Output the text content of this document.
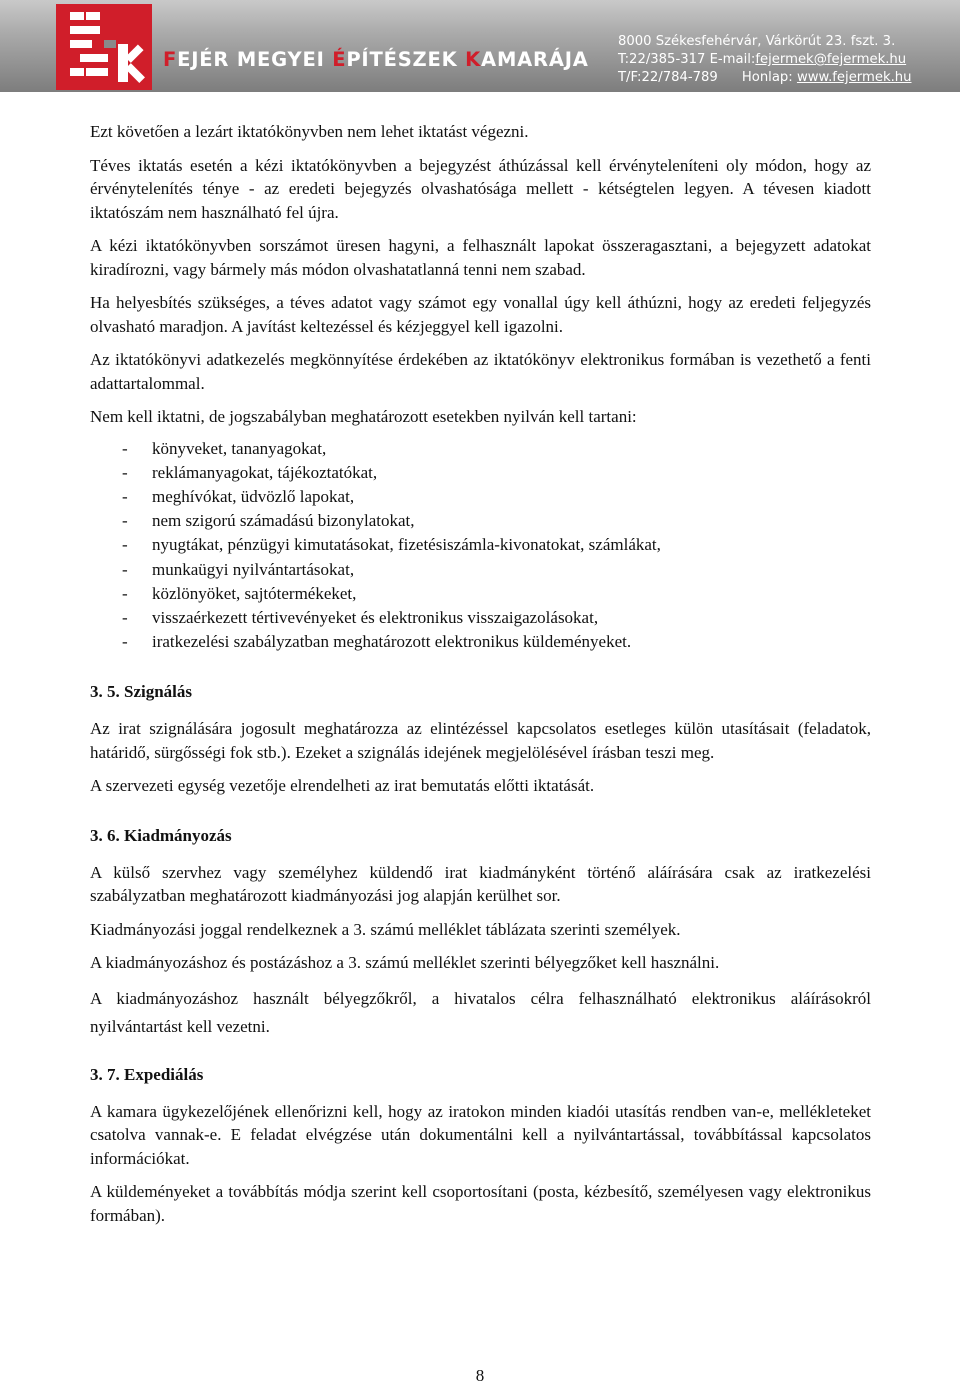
FEJÉR MEGYEI ÉPÍTÉSZEK KAMARÁJA
8000 Székesfehérvár, Várkörút 23. fszt. 3.
T:22/385-317 E-mail:fejermek@fejermek.hu
T/F:22/784-789 Honlap: www.fejermek.hu

Ezt követően a lezárt iktatókönyvben nem lehet iktatást végezni.

Téves iktatás esetén a kézi iktatókönyvben a bejegyzést áthúzással kell érvényteleníteni oly módon, hogy az érvénytelenítés ténye - az eredeti bejegyzés olvashatósága mellett - kétségtelen legyen. A tévesen kiadott iktatószám nem használható fel újra.

A kézi iktatókönyvben sorszámot üresen hagyni, a felhasznált lapokat összeragasztani, a bejegyzett adatokat kiradírozni, vagy bármely más módon olvashatatlanná tenni nem szabad.

Ha helyesbítés szükséges, a téves adatot vagy számot egy vonallal úgy kell áthúzni, hogy az eredeti feljegyzés olvasható maradjon. A javítást keltezéssel és kézjeggyel kell igazolni.

Az iktatókönyvi adatkezelés megkönnyítése érdekében az iktatókönyv elektronikus formában is vezethető a fenti adattartalommal.

Nem kell iktatni, de jogszabályban meghatározott esetekben nyilván kell tartani:

- könyveket, tananyagokat,
- reklámanyagokat, tájékoztatókat,
- meghívókat, üdvözlő lapokat,
- nem szigorú számadású bizonylatokat,
- nyugtákat, pénzügyi kimutatásokat, fizetésiszámla-kivonatokat, számlákat,
- munkaügyi nyilvántartásokat,
- közlönyöket, sajtótermékeket,
- visszaérkezett tértivevényeket és elektronikus visszaigazolásokat,
- iratkezelési szabályzatban meghatározott elektronikus küldeményeket.
3. 5. Szignálás

Az irat szignálására jogosult meghatározza az elintézéssel kapcsolatos esetleges külön utasításait (feladatok, határidő, sürgősségi fok stb.). Ezeket a szignálás idejének megjelölésével írásban teszi meg.

A szervezeti egység vezetője elrendelheti az irat bemutatás előtti iktatását.

3. 6. Kiadmányozás

A külső szervhez vagy személyhez küldendő irat kiadmányként történő aláírására csak az iratkezelési szabályzatban meghatározott kiadmányozási jog alapján kerülhet sor.

Kiadmányozási joggal rendelkeznek a 3. számú melléklet táblázata szerinti személyek.

A kiadmányozáshoz és postázáshoz a 3. számú melléklet szerinti bélyegzőket kell használni.

A kiadmányozáshoz használt bélyegzőkről, a hivatalos célra felhasználható elektronikus aláírásokról nyilvántartást kell vezetni.

3. 7. Expediálás

A kamara ügykezelőjének ellenőrizni kell, hogy az iratokon minden kiadói utasítás rendben van-e, mellékleteket csatolva vannak-e. E feladat elvégzése után dokumentálni kell a nyilvántartással, továbbítással kapcsolatos információkat.

A küldeményeket a továbbítás módja szerint kell csoportosítani (posta, kézbesítő, személyesen vagy elektronikus formában).

8
